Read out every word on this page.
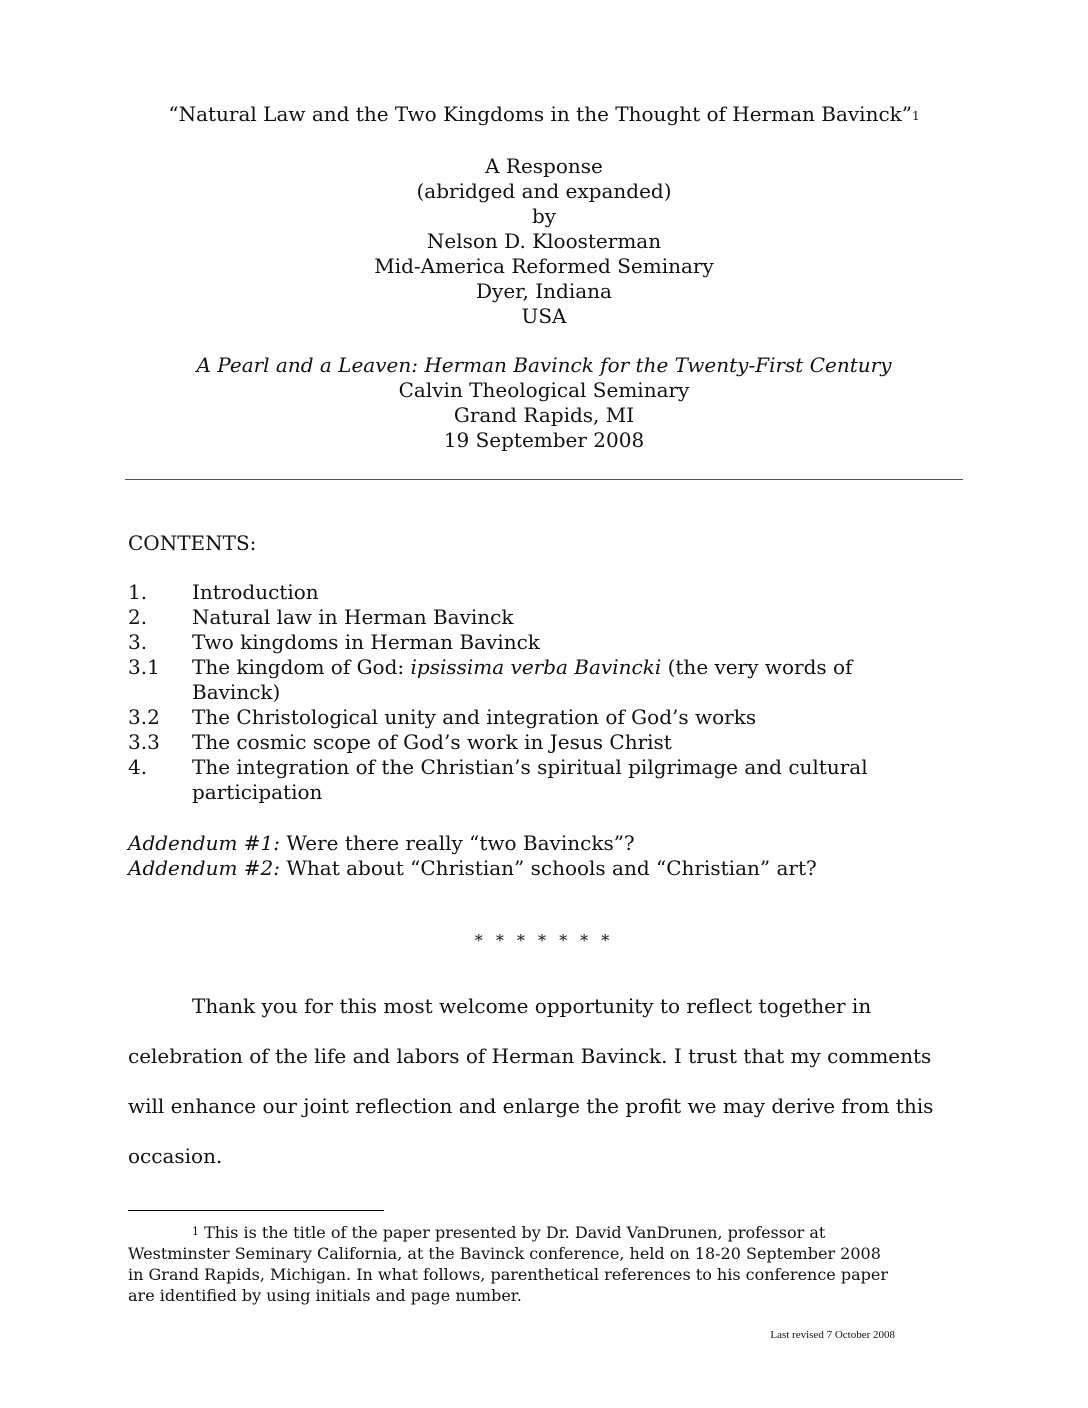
“Natural Law and the Two Kingdoms in the Thought of Herman Bavinck”$^1$
A Response
(abridged and expanded)
by
Nelson D. Kloosterman
Mid-America Reformed Seminary
Dyer, Indiana
USA
A Pearl and a Leaven: Herman Bavinck for the Twenty-First Century
Calvin Theological Seminary
Grand Rapids, MI
19 September 2008
CONTENTS:
1. Introduction
2. Natural law in Herman Bavinck
3. Two kingdoms in Herman Bavinck
3.1 The kingdom of God: ipsissima verba Bavincki (the very words of
Bavinck)
3.2 The Christological unity and integration of God’s works
3.3 The cosmic scope of God’s work in Jesus Christ
4. The integration of the Christian’s spiritual pilgrimage and cultural
participation
Addendum #1: Were there really “two Bavincks”?
Addendum #2: What about “Christian” schools and “Christian” art?
* * * * * * *
Thank you for this most welcome opportunity to reflect together in
celebration of the life and labors of Herman Bavinck. I trust that my comments
will enhance our joint reflection and enlarge the profit we may derive from this
occasion.
$^1$ This is the title of the paper presented by Dr. David VanDrunen, professor at
Westminster Seminary California, at the Bavinck conference, held on 18-20 September 2008
in Grand Rapids, Michigan. In what follows, parenthetical references to his conference paper
are identified by using initials and page number.
Last revised 7 October 2008
